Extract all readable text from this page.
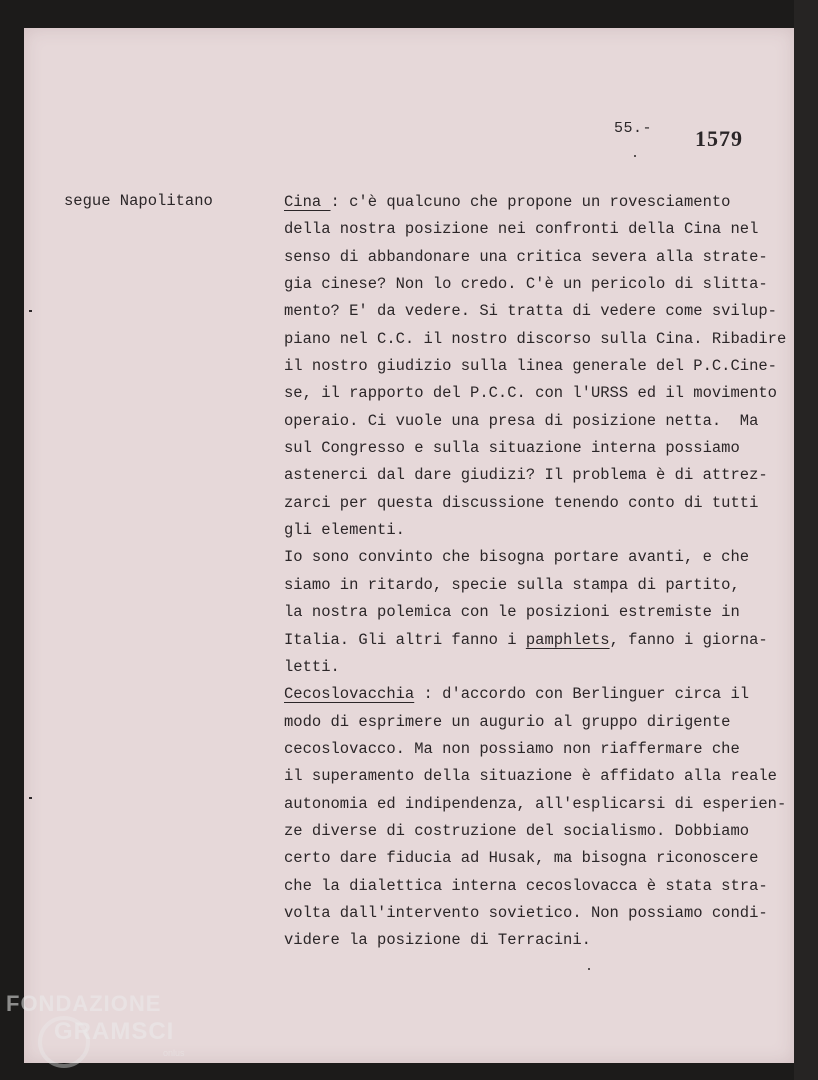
55.- 1579
segue Napolitano	Cina : c'è qualcuno che propone un rovesciamento
della nostra posizione nei confronti della Cina nel
senso di abbandonare una critica severa alla strate-
gia cinese? Non lo credo. C'è un pericolo di slitta-
mento? E' da vedere. Si tratta di vedere come svilup-
piano nel C.C. il nostro discorso sulla Cina. Ribadire
il nostro giudizio sulla linea generale del P.C.Cine-
se, il rapporto del P.C.C. con l'URSS ed il movimento
operaio. Ci vuole una presa di posizione netta.  Ma
sul Congresso e sulla situazione interna possiamo
astenerci dal dare giudizi? Il problema è di attrez-
zarci per questa discussione tenendo conto di tutti
gli elementi.
Io sono convinto che bisogna portare avanti, e che
siamo in ritardo, specie sulla stampa di partito,
la nostra polemica con le posizioni estremiste in
Italia. Gli altri fanno i pamphlets, fanno i giorna-
letti.
Cecoslovacchia : d'accordo con Berlinguer circa il
modo di esprimere un augurio al gruppo dirigente
cecoslovacco. Ma non possiamo non riaffermare che
il superamento della situazione è affidato alla reale
autonomia ed indipendenza, all'esplicarsi di esperien-
ze diverse di costruzione del socialismo. Dobbiamo
certo dare fiducia ad Husak, ma bisogna riconoscere
che la dialettica interna cecoslovacca è stata stra-
volta dall'intervento sovietico. Non possiamo condi-
videre la posizione di Terracini.
FONDAZIONE
GRAMSCI
onlus
